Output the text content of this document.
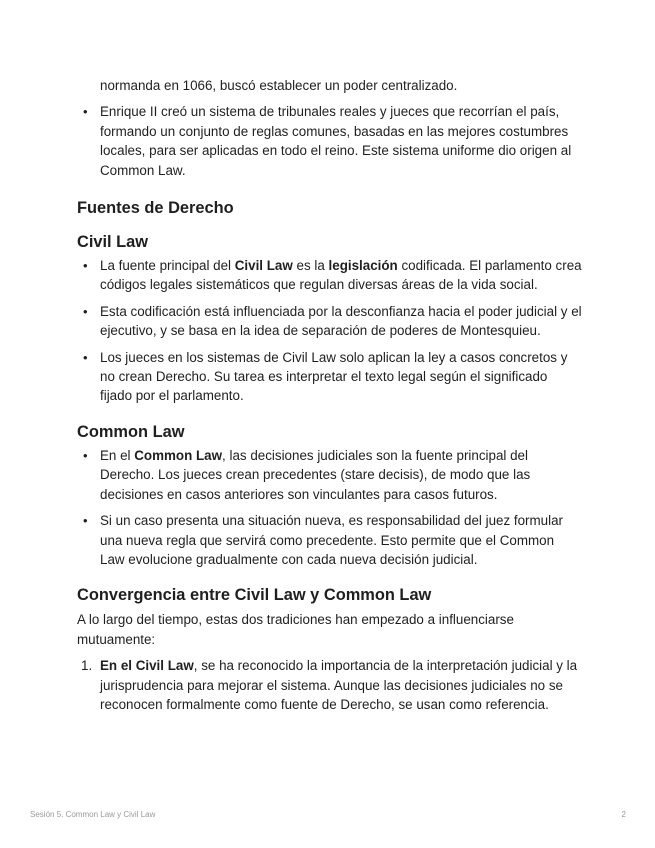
normanda en 1066, buscó establecer un poder centralizado.

• Enrique II creó un sistema de tribunales reales y jueces que recorrían el país, formando un conjunto de reglas comunes, basadas en las mejores costumbres locales, para ser aplicadas en todo el reino. Este sistema uniforme dio origen al Common Law.
Fuentes de Derecho
Civil Law
• La fuente principal del Civil Law es la legislación codificada. El parlamento crea códigos legales sistemáticos que regulan diversas áreas de la vida social.
• Esta codificación está influenciada por la desconfianza hacia el poder judicial y el ejecutivo, y se basa en la idea de separación de poderes de Montesquieu.
• Los jueces en los sistemas de Civil Law solo aplican la ley a casos concretos y no crean Derecho. Su tarea es interpretar el texto legal según el significado fijado por el parlamento.
Common Law
• En el Common Law, las decisiones judiciales son la fuente principal del Derecho. Los jueces crean precedentes (stare decisis), de modo que las decisiones en casos anteriores son vinculantes para casos futuros.
• Si un caso presenta una situación nueva, es responsabilidad del juez formular una nueva regla que servirá como precedente. Esto permite que el Common Law evolucione gradualmente con cada nueva decisión judicial.
Convergencia entre Civil Law y Common Law

A lo largo del tiempo, estas dos tradiciones han empezado a influenciarse mutuamente:

1. En el Civil Law, se ha reconocido la importancia de la interpretación judicial y la jurisprudencia para mejorar el sistema. Aunque las decisiones judiciales no se reconocen formalmente como fuente de Derecho, se usan como referencia.
Sesión 5. Common Law y Civil Law	2
